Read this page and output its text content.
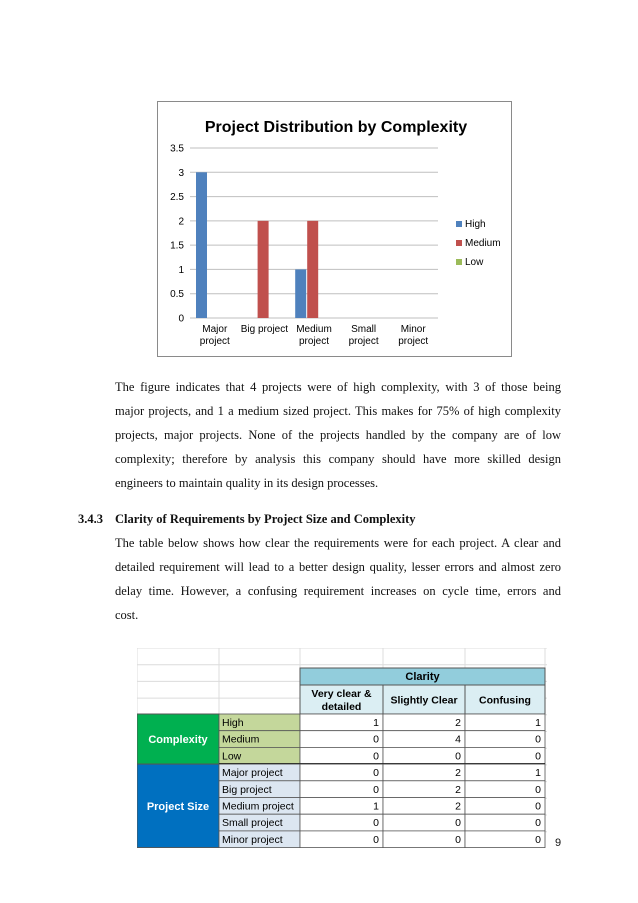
Project Distribution by Complexity
0
0.5
1
1.5
2
2.5
3
3.5
Major
project
Big project Medium
project
Small
project
Minor
project
High
Medium
Low
The figure indicates that 4 projects were of high complexity, with 3 of those being
major projects, and 1 a medium sized project. This makes for 75% of high complexity
projects, major projects. None of the projects handled by the company are of low
complexity; therefore by analysis this company should have more skilled design
engineers to maintain quality in its design processes.
3.4.3 Clarity of Requirements by Project Size and Complexity
The table below shows how clear the requirements were for each project. A clear and
detailed requirement will lead to a better design quality, lesser errors and almost zero
delay time. However, a confusing requirement increases on cycle time, errors and
cost.
Clarity
Very clear &
detailed
Slightly Clear Confusing
Complexity
High	1	2	1
Medium	0	4	0
Low	0	0	0
Project Size
Major project	0	2	1
Big project	0	2	0
Medium project	1	2	0
Small project	0	0	0
Minor project	0	0	0 9
